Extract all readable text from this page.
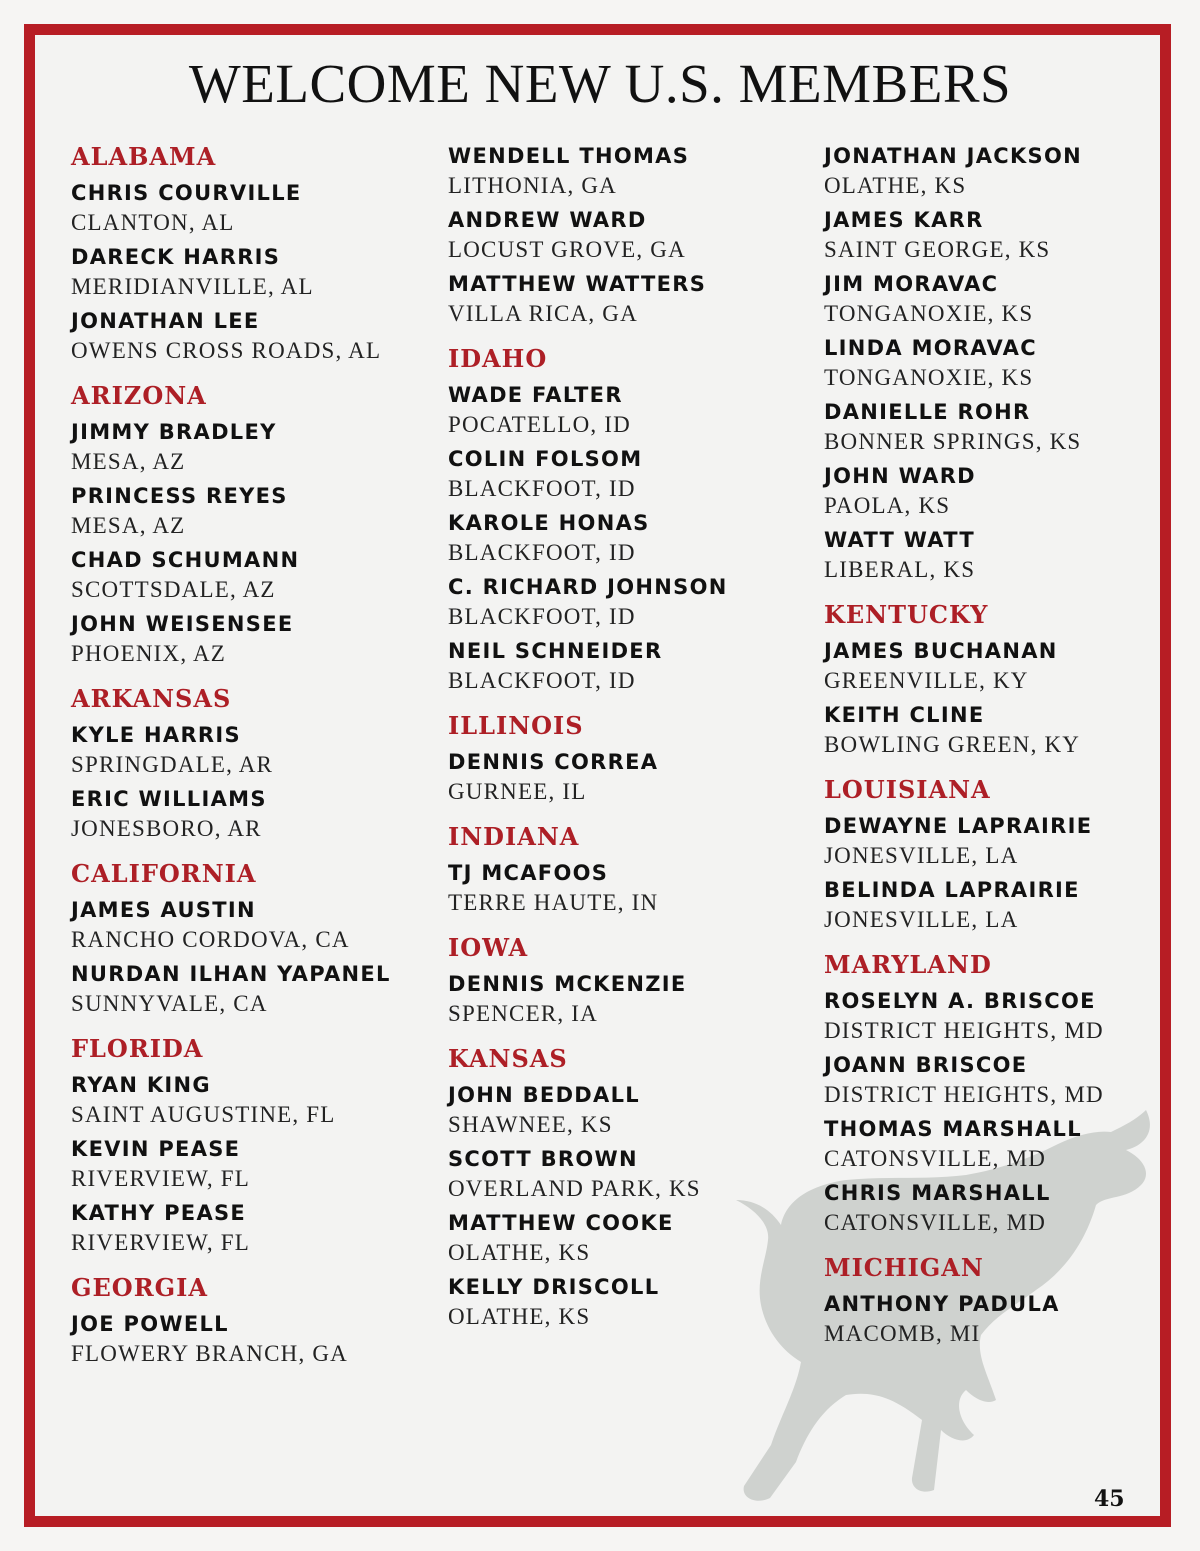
WELCOME NEW U.S. MEMBERS
ALABAMA
CHRIS COURVILLE
CLANTON, AL
DARECK HARRIS
MERIDIANVILLE, AL
JONATHAN LEE
OWENS CROSS ROADS, AL
ARIZONA
JIMMY BRADLEY
MESA, AZ
PRINCESS REYES
MESA, AZ
CHAD SCHUMANN
SCOTTSDALE, AZ
JOHN WEISENSEE
PHOENIX, AZ
ARKANSAS
KYLE HARRIS
SPRINGDALE, AR
ERIC WILLIAMS
JONESBORO, AR
CALIFORNIA
JAMES AUSTIN
RANCHO CORDOVA, CA
NURDAN ILHAN YAPANEL
SUNNYVALE, CA
FLORIDA
RYAN KING
SAINT AUGUSTINE, FL
KEVIN PEASE
RIVERVIEW, FL
KATHY PEASE
RIVERVIEW, FL
GEORGIA
JOE POWELL
FLOWERY BRANCH, GA
WENDELL THOMAS
LITHONIA, GA
ANDREW WARD
LOCUST GROVE, GA
MATTHEW WATTERS
VILLA RICA, GA
IDAHO
WADE FALTER
POCATELLO, ID
COLIN FOLSOM
BLACKFOOT, ID
KAROLE HONAS
BLACKFOOT, ID
C. RICHARD JOHNSON
BLACKFOOT, ID
NEIL SCHNEIDER
BLACKFOOT, ID
ILLINOIS
DENNIS CORREA
GURNEE, IL
INDIANA
TJ MCAFOOS
TERRE HAUTE, IN
IOWA
DENNIS MCKENZIE
SPENCER, IA
KANSAS
JOHN BEDDALL
SHAWNEE, KS
SCOTT BROWN
OVERLAND PARK, KS
MATTHEW COOKE
OLATHE, KS
KELLY DRISCOLL
OLATHE, KS
JONATHAN JACKSON
OLATHE, KS
JAMES KARR
SAINT GEORGE, KS
JIM MORAVAC
TONGANOXIE, KS
LINDA MORAVAC
TONGANOXIE, KS
DANIELLE ROHR
BONNER SPRINGS, KS
JOHN WARD
PAOLA, KS
WATT WATT
LIBERAL, KS
KENTUCKY
JAMES BUCHANAN
GREENVILLE, KY
KEITH CLINE
BOWLING GREEN, KY
LOUISIANA
DEWAYNE LAPRAIRIE
JONESVILLE, LA
BELINDA LAPRAIRIE
JONESVILLE, LA
MARYLAND
ROSELYN A. BRISCOE
DISTRICT HEIGHTS, MD
JOANN BRISCOE
DISTRICT HEIGHTS, MD
THOMAS MARSHALL
CATONSVILLE, MD
CHRIS MARSHALL
CATONSVILLE, MD
MICHIGAN
ANTHONY PADULA
MACOMB, MI
45
